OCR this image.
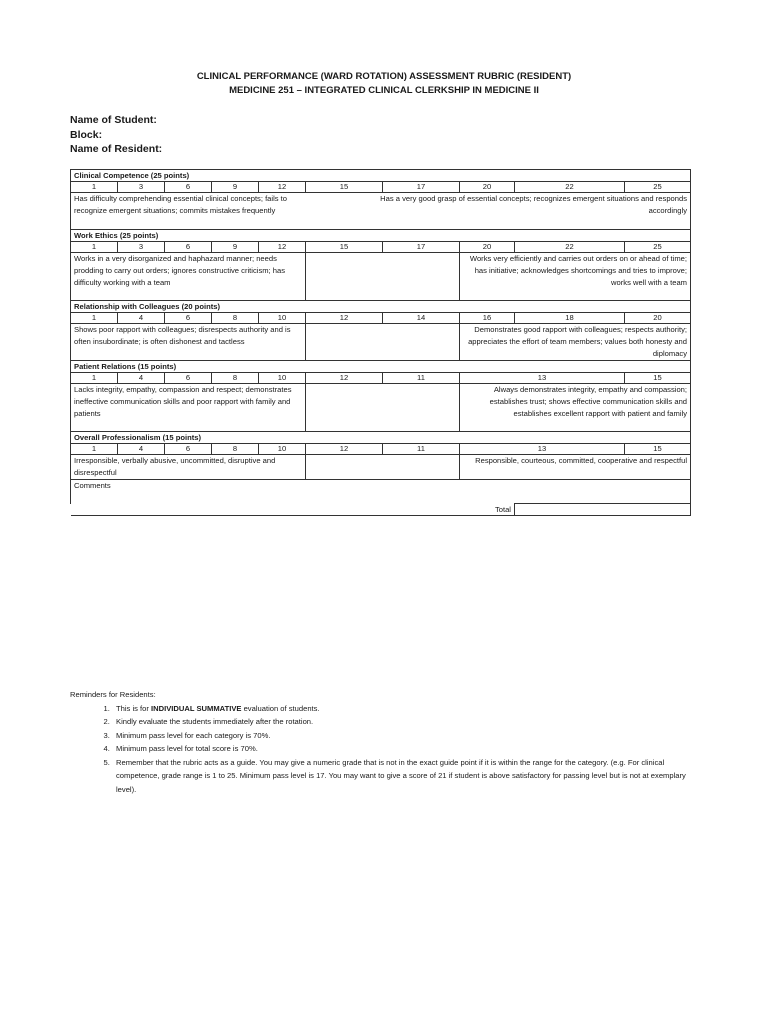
CLINICAL PERFORMANCE (WARD ROTATION) ASSESSMENT RUBRIC (RESIDENT)
MEDICINE 251 – INTEGRATED CLINICAL CLERKSHIP IN MEDICINE II
Name of Student:
Block:
Name of Resident:
Clinical Competence (25 points)									
1	3	6	9	12	15	17	20	22	25
Has difficulty comprehending essential clinical concepts; fails to recognize emergent situations; commits mistakes frequently					Has a very good grasp of essential concepts; recognizes emergent situations and responds accordingly				
Work Ethics (25 points)									
1	3	6	9	12	15	17	20	22	25
Works in a very disorganized and haphazard manner; needs prodding to carry out orders; ignores constructive criticism; has difficulty working with a team							Works very efficiently and carries out orders on or ahead of time; has initiative; acknowledges shortcomings and tries to improve; works well with a team		
Relationship with Colleagues (20 points)									
1	4	6	8	10	12	14	16	18	20
Shows poor rapport with colleagues; disrespects authority and is often insubordinate; is often dishonest and tactless							Demonstrates good rapport with colleagues; respects authority; appreciates the effort of team members; values both honesty and diplomacy		
Patient Relations (15 points)									
1	4	6	8	10	12	11	13		15
Lacks integrity, empathy, compassion and respect; demonstrates ineffective communication skills and poor rapport with family and patients							Always demonstrates integrity, empathy and compassion; establishes trust; shows effective communication skills and establishes excellent rapport with patient and family		
Overall Professionalism (15 points)									
1	4	6	8	10	12	11	13		15
Irresponsible, verbally abusive, uncommitted, disruptive and disrespectful							Responsible, courteous, committed, cooperative and respectful		
Comments									
Total									
Reminders for Residents:
1. This is for INDIVIDUAL SUMMATIVE evaluation of students.
2. Kindly evaluate the students immediately after the rotation.
3. Minimum pass level for each category is 70%.
4. Minimum pass level for total score is 70%.
5. Remember that the rubric acts as a guide. You may give a numeric grade that is not in the exact guide point if it is within the range for the category. (e.g. For clinical competence, grade range is 1 to 25. Minimum pass level is 17. You may want to give a score of 21 if student is above satisfactory for passing level but is not at exemplary level).
